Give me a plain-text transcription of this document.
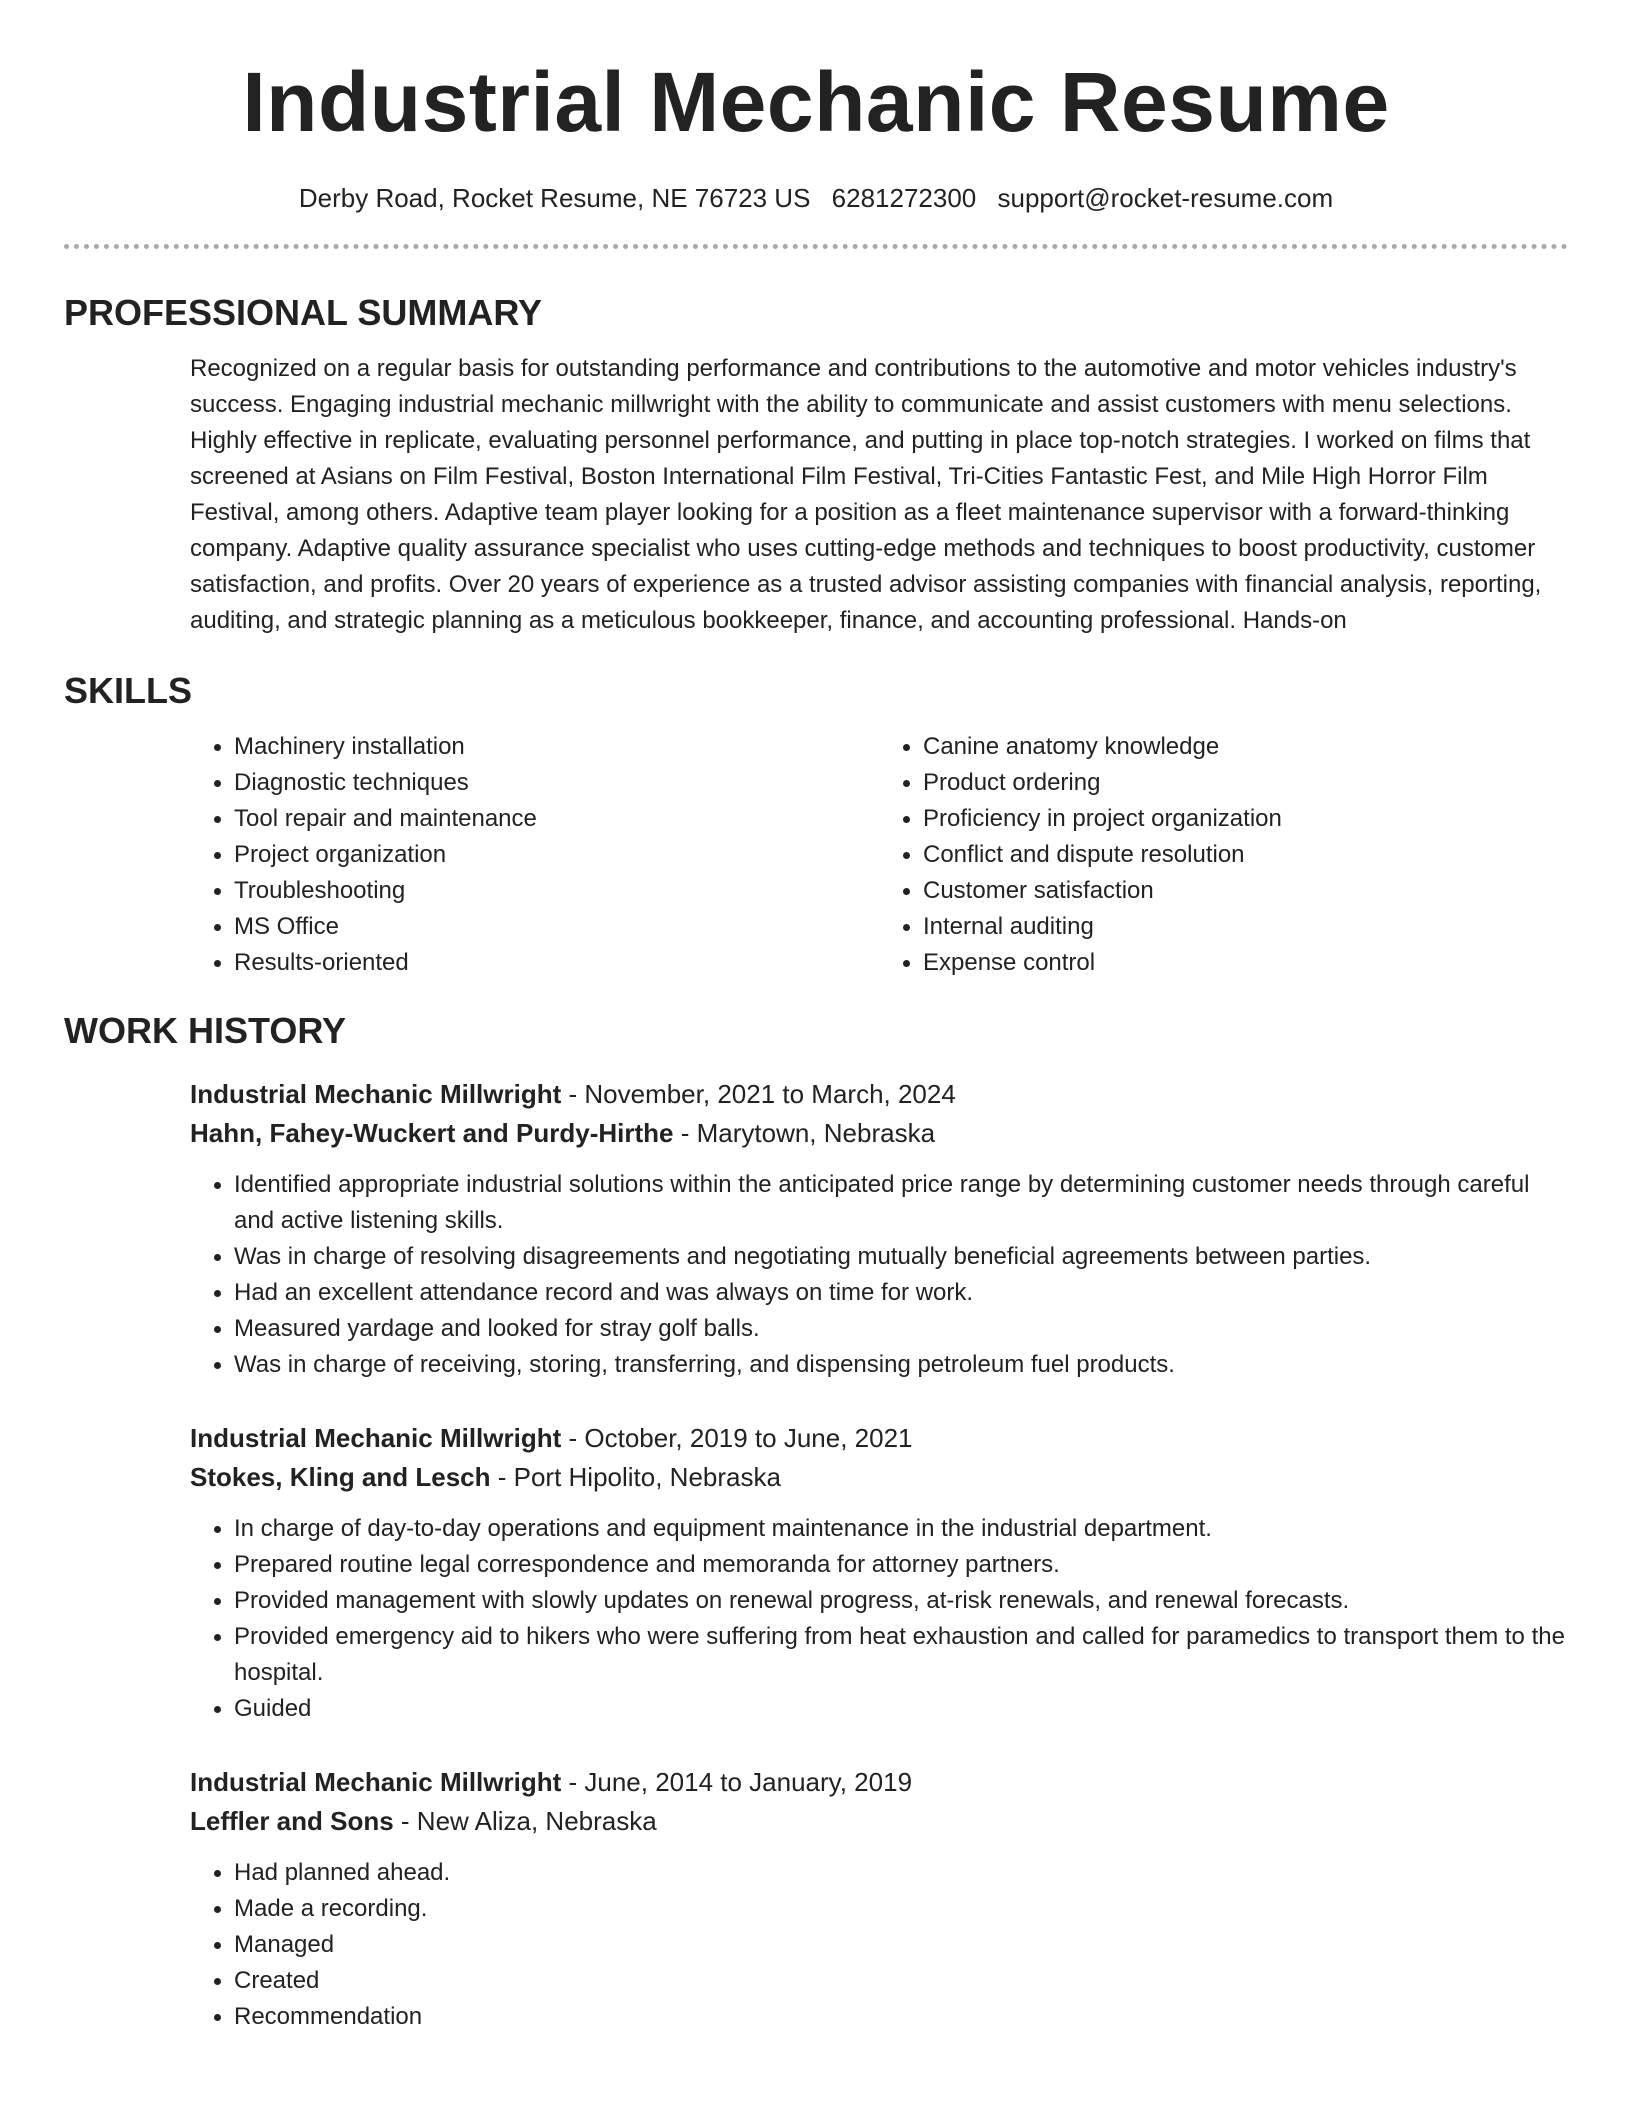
Industrial Mechanic Resume
Derby Road, Rocket Resume, NE 76723 US 6281272300 support@rocket-resume.com
PROFESSIONAL SUMMARY

Recognized on a regular basis for outstanding performance and contributions to the automotive and motor vehicles industry's success. Engaging industrial mechanic millwright with the ability to communicate and assist customers with menu selections. Highly effective in replicate, evaluating personnel performance, and putting in place top-notch strategies. I worked on films that screened at Asians on Film Festival, Boston International Film Festival, Tri-Cities Fantastic Fest, and Mile High Horror Film Festival, among others. Adaptive team player looking for a position as a fleet maintenance supervisor with a forward-thinking company. Adaptive quality assurance specialist who uses cutting-edge methods and techniques to boost productivity, customer satisfaction, and profits. Over 20 years of experience as a trusted advisor assisting companies with financial analysis, reporting, auditing, and strategic planning as a meticulous bookkeeper, finance, and accounting professional. Hands-on

SKILLS
• Machinery installation
• Diagnostic techniques
• Tool repair and maintenance
• Project organization
• Troubleshooting
• MS Office
• Results-oriented
• Canine anatomy knowledge
• Product ordering
• Proficiency in project organization
• Conflict and dispute resolution
• Customer satisfaction
• Internal auditing
• Expense control
WORK HISTORY
Industrial Mechanic Millwright - November, 2021 to March, 2024
Hahn, Fahey-Wuckert and Purdy-Hirthe - Marytown, Nebraska
• Identified appropriate industrial solutions within the anticipated price range by determining customer needs through careful and active listening skills.
• Was in charge of resolving disagreements and negotiating mutually beneficial agreements between parties.
• Had an excellent attendance record and was always on time for work.
• Measured yardage and looked for stray golf balls.
• Was in charge of receiving, storing, transferring, and dispensing petroleum fuel products.
Industrial Mechanic Millwright - October, 2019 to June, 2021
Stokes, Kling and Lesch - Port Hipolito, Nebraska
• In charge of day-to-day operations and equipment maintenance in the industrial department.
• Prepared routine legal correspondence and memoranda for attorney partners.
• Provided management with slowly updates on renewal progress, at-risk renewals, and renewal forecasts.
• Provided emergency aid to hikers who were suffering from heat exhaustion and called for paramedics to transport them to the hospital.
• Guided
Industrial Mechanic Millwright - June, 2014 to January, 2019
Leffler and Sons - New Aliza, Nebraska
• Had planned ahead.
• Made a recording.
• Managed
• Created
• Recommendation
